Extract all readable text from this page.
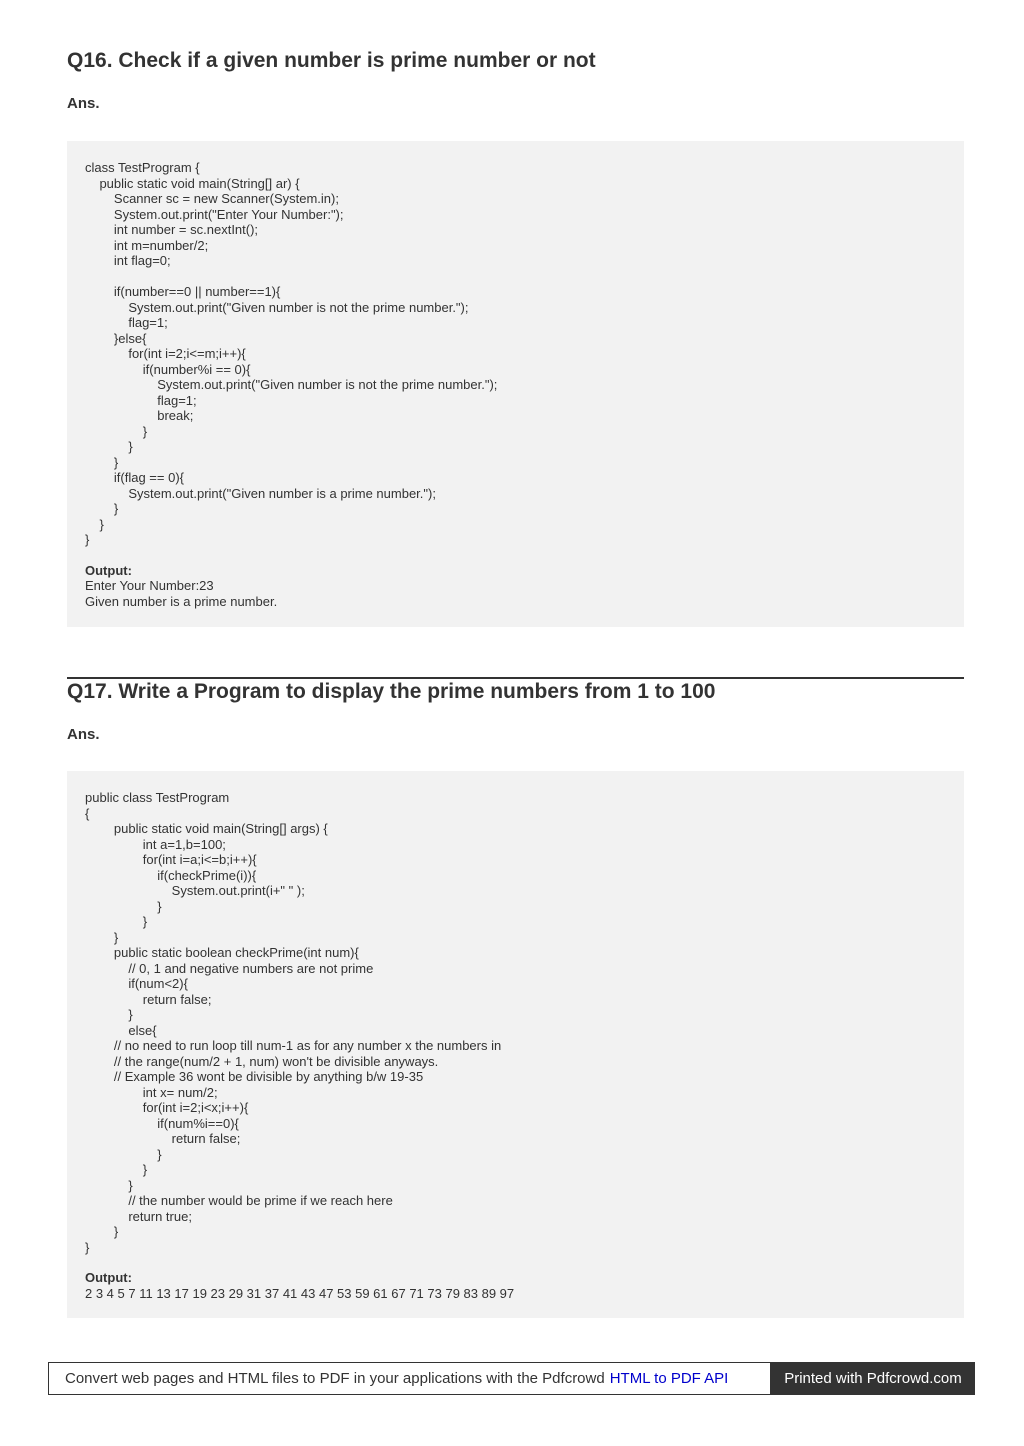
Q16. Check if a given number is prime number or not
Ans.
class TestProgram {
public static void main(String[] ar) {
Scanner sc = new Scanner(System.in);
System.out.print("Enter Your Number:");
int number = sc.nextInt();
int m=number/2;
int flag=0;

if(number==0 || number==1){
System.out.print("Given number is not the prime number.");
flag=1;
}else{
for(int i=2;i<=m;i++){
if(number%i == 0){
System.out.print("Given number is not the prime number.");
flag=1;
break;
}
}
}
if(flag == 0){
System.out.print("Given number is a prime number.");
}
}
}
Output:
Enter Your Number:23
Given number is a prime number.
Q17. Write a Program to display the prime numbers from 1 to 100
Ans.
public class TestProgram
{
public static void main(String[] args) {
int a=1,b=100;
for(int i=a;i<=b;i++){
if(checkPrime(i)){
System.out.print(i+" " );
}
}
}
public static boolean checkPrime(int num){
// 0, 1 and negative numbers are not prime
if(num<2){
return false;
}
else{
// no need to run loop till num-1 as for any number x the numbers in
// the range(num/2 + 1, num) won't be divisible anyways.
// Example 36 wont be divisible by anything b/w 19-35
int x= num/2;
for(int i=2;i<x;i++){
if(num%i==0){
return false;
}
}
}
// the number would be prime if we reach here
return true;
}
}
Output:
2 3 4 5 7 11 13 17 19 23 29 31 37 41 43 47 53 59 61 67 71 73 79 83 89 97
Convert web pages and HTML files to PDF in your applications with the Pdfcrowd HTML to PDF API	Printed with Pdfcrowd.com
